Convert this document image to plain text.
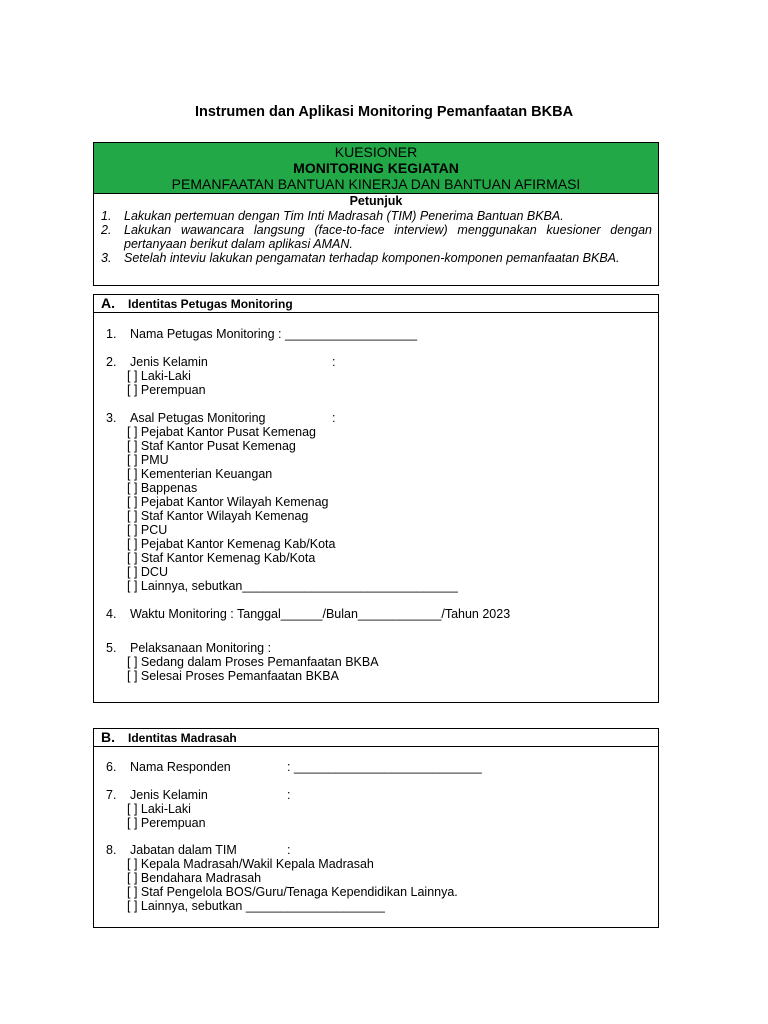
Instrumen dan Aplikasi Monitoring Pemanfaatan BKBA
KUESIONER
MONITORING KEGIATAN
PEMANFAATAN BANTUAN KINERJA DAN BANTUAN AFIRMASI
Petunjuk
1. Lakukan pertemuan dengan Tim Inti Madrasah (TIM) Penerima Bantuan BKBA.
2. Lakukan wawancara langsung (face-to-face interview) menggunakan kuesioner dengan pertanyaan berikut dalam aplikasi AMAN.
3. Setelah inteviu lakukan pengamatan terhadap komponen-komponen pemanfaatan BKBA.
A. Identitas Petugas Monitoring
1. Nama Petugas Monitoring : ___________________
2. Jenis Kelamin	:
[ ] Laki-Laki
[ ] Perempuan
3. Asal Petugas Monitoring	:
[ ] Pejabat Kantor Pusat Kemenag
[ ] Staf Kantor Pusat Kemenag
[ ] PMU
[ ] Kementerian Keuangan
[ ] Bappenas
[ ] Pejabat Kantor Wilayah Kemenag
[ ] Staf Kantor Wilayah Kemenag
[ ] PCU
[ ] Pejabat Kantor Kemenag Kab/Kota
[ ] Staf Kantor Kemenag Kab/Kota
[ ] DCU
[ ] Lainnya, sebutkan_______________________________
4. Waktu Monitoring : Tanggal______/Bulan____________/Tahun 2023
5. Pelaksanaan Monitoring :
[ ] Sedang dalam Proses Pemanfaatan BKBA
[ ] Selesai Proses Pemanfaatan BKBA
B. Identitas Madrasah
6. Nama Responden	: ___________________________
7. Jenis Kelamin	:
[ ] Laki-Laki
[ ] Perempuan
8. Jabatan dalam TIM	:
[ ] Kepala Madrasah/Wakil Kepala Madrasah
[ ] Bendahara Madrasah
[ ] Staf Pengelola BOS/Guru/Tenaga Kependidikan Lainnya.
[ ] Lainnya, sebutkan ____________________
